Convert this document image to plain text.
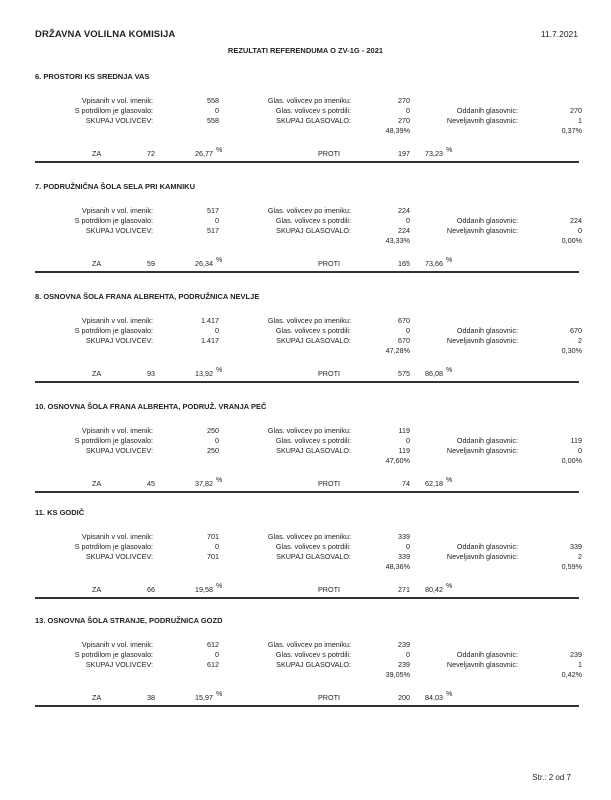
DRŽAVNA VOLILNA KOMISIJA	11.7.2021
REZULTATI REFERENDUMA O ZV-1G - 2021
6. PROSTORI KS SREDNJA VAS
Vpisanih v vol. imenik:	558	Glas. volivcev po imeniku:	270
S potrdilom je glasovalo:	0	Glas. volivcev s potrdili:	0	Oddanih glasovnic:	270
SKUPAJ VOLIVCEV:	558	SKUPAJ GLASOVALO:	270	Neveljavnih glasovnic:	1
48,39%	0,37%
ZA	72	26,77 %	PROTI	197 73,23 %
7. PODRUŽNIČNA ŠOLA SELA PRI KAMNIKU
Vpisanih v vol. imenik:	517	Glas. volivcev po imeniku:	224
S potrdilom je glasovalo:	0	Glas. volivcev s potrdili:	0	Oddanih glasovnic:	224
SKUPAJ VOLIVCEV:	517	SKUPAJ GLASOVALO:	224	Neveljavnih glasovnic:	0
43,33%	0,00%
ZA	59	26,34 %	PROTI	165 73,66 %
8. OSNOVNA ŠOLA FRANA ALBREHTA, PODRUŽNICA NEVLJE
Vpisanih v vol. imenik:	1.417	Glas. volivcev po imeniku:	670
S potrdilom je glasovalo:	0	Glas. volivcev s potrdili:	0	Oddanih glasovnic:	670
SKUPAJ VOLIVCEV:	1.417	SKUPAJ GLASOVALO:	670	Neveljavnih glasovnic:	2
47,28%	0,30%
ZA	93	13,92 %	PROTI	575 86,08 %
10. OSNOVNA ŠOLA FRANA ALBREHTA, PODRUŽ. VRANJA PEČ
Vpisanih v vol. imenik:	250	Glas. volivcev po imeniku:	119
S potrdilom je glasovalo:	0	Glas. volivcev s potrdili:	0	Oddanih glasovnic:	119
SKUPAJ VOLIVCEV:	250	SKUPAJ GLASOVALO:	119	Neveljavnih glasovnic:	0
47,60%	0,00%
ZA	45	37,82 %	PROTI	74 62,18 %
11. KS GODIČ
Vpisanih v vol. imenik:	701	Glas. volivcev po imeniku:	339
S potrdilom je glasovalo:	0	Glas. volivcev s potrdili:	0	Oddanih glasovnic:	339
SKUPAJ VOLIVCEV:	701	SKUPAJ GLASOVALO:	339	Neveljavnih glasovnic:	2
48,36%	0,59%
ZA	66	19,58 %	PROTI	271 80,42 %
13. OSNOVNA ŠOLA STRANJE, PODRUŽNICA GOZD
Vpisanih v vol. imenik:	612	Glas. volivcev po imeniku:	239
S potrdilom je glasovalo:	0	Glas. volivcev s potrdili:	0	Oddanih glasovnic:	239
SKUPAJ VOLIVCEV:	612	SKUPAJ GLASOVALO:	239	Neveljavnih glasovnic:	1
39,05%	0,42%
ZA	38	15,97 %	PROTI	200 84,03 %
Str.: 2 od 7
